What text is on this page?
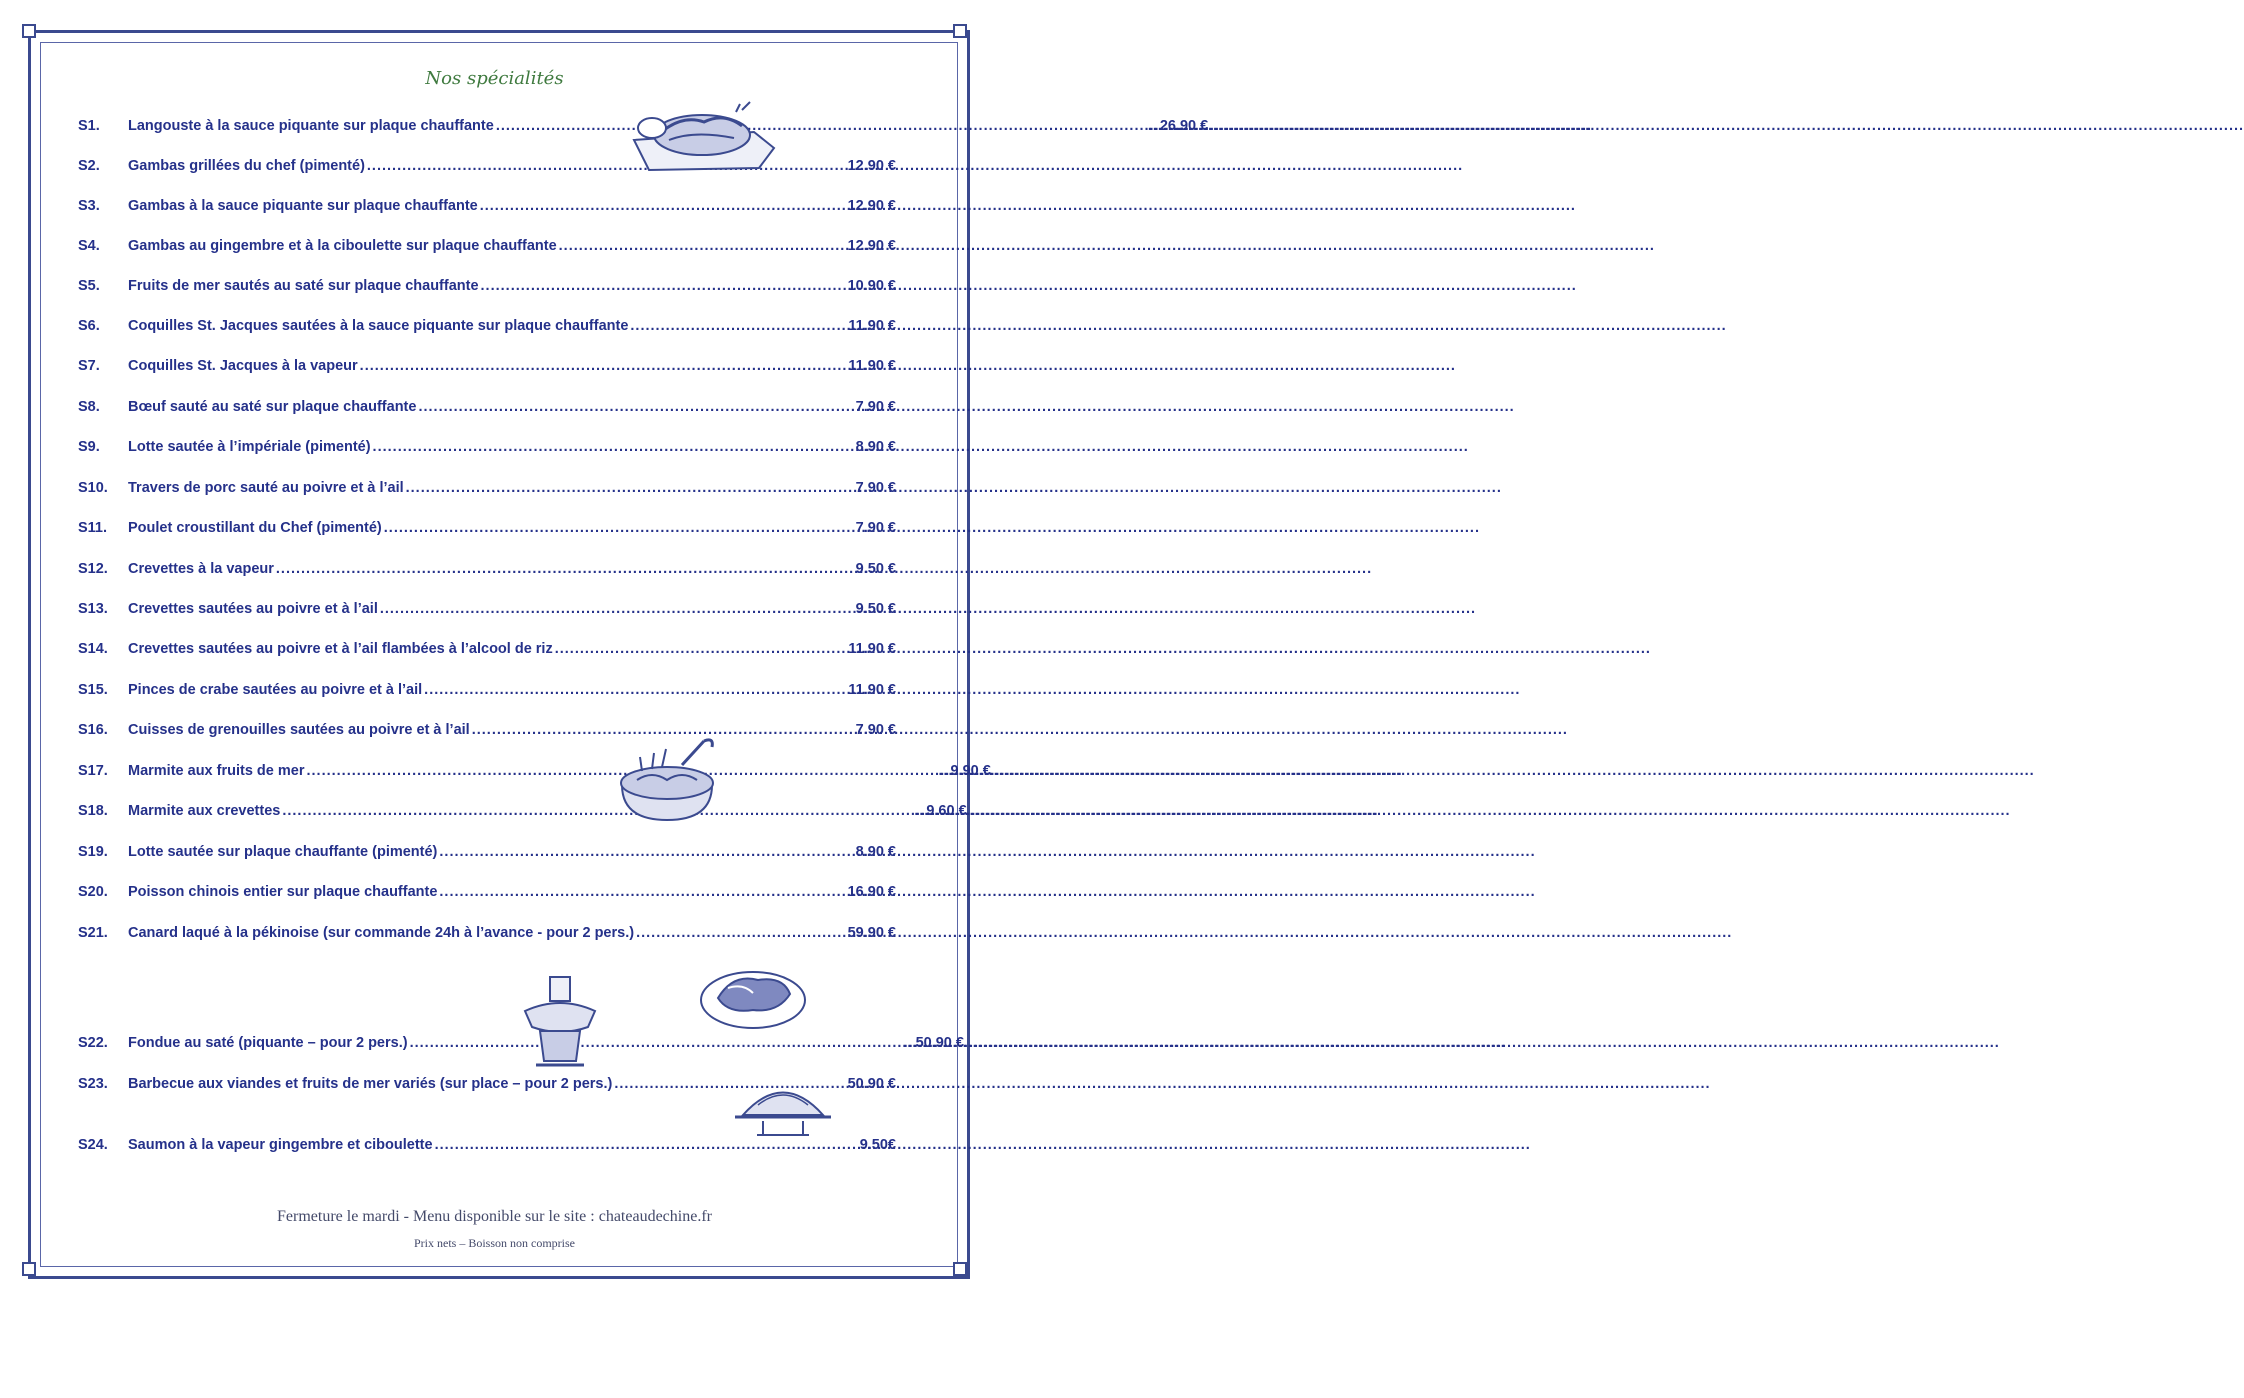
Nos spécialités
S1.	Langouste à la sauce piquante sur plaque chauffante ..... .....	26.90 €
S2.	Gambas grillées du chef (pimenté) .....	12.90 €
S3.	Gambas à la sauce piquante sur plaque chauffante .....	12.90 €
S4.	Gambas au gingembre et à la ciboulette sur plaque chauffante .....	12.90 €
S5.	Fruits de mer sautés au saté sur plaque chauffante .....	10.90 €
S6.	Coquilles St. Jacques sautées à la sauce piquante sur plaque chauffante .....	11.90 €
S7.	Coquilles St. Jacques à la vapeur .....	11.90 €
S8.	Bœuf sauté au saté sur plaque chauffante .....	7.90 €
S9.	Lotte sautée à l’impériale (pimenté) .....	8.90 €
S10.	Travers de porc sauté au poivre et à l’ail .....	7.90 €
S11.	Poulet croustillant du Chef (pimenté) .....	7.90 €
S12.	Crevettes à la vapeur .....	9.50 €
S13.	Crevettes sautées au poivre et à l’ail .....	9.50 €
S14.	Crevettes sautées au poivre et à l’ail flambées à l’alcool de riz .....	11.90 €
S15.	Pinces de crabe sautées au poivre et à l’ail .....	11.90 €
S16.	Cuisses de grenouilles sautées au poivre et à l’ail .....	7.90 €
S17.	Marmite aux fruits de mer ..... .....	9.90 €
S18.	Marmite aux crevettes ..... .....	9.60 €
S19.	Lotte sautée sur plaque chauffante (pimenté) .....	8.90 €
S20.	Poisson chinois entier sur plaque chauffante .....	16.90 €
S21.	Canard laqué à la pékinoise (sur commande 24h à l’avance - pour 2 pers.) .....	59.90 €
S22.	Fondue au saté (piquante – pour 2 pers.) ..... .....	50.90 €
S23.	Barbecue aux viandes et fruits de mer variés (sur place – pour 2 pers.) .....	50.90 €
S24.	Saumon à la vapeur gingembre et ciboulette .....	9.50€
Fermeture le mardi - Menu disponible sur le site : chateaudechine.fr
Prix nets – Boisson non comprise
